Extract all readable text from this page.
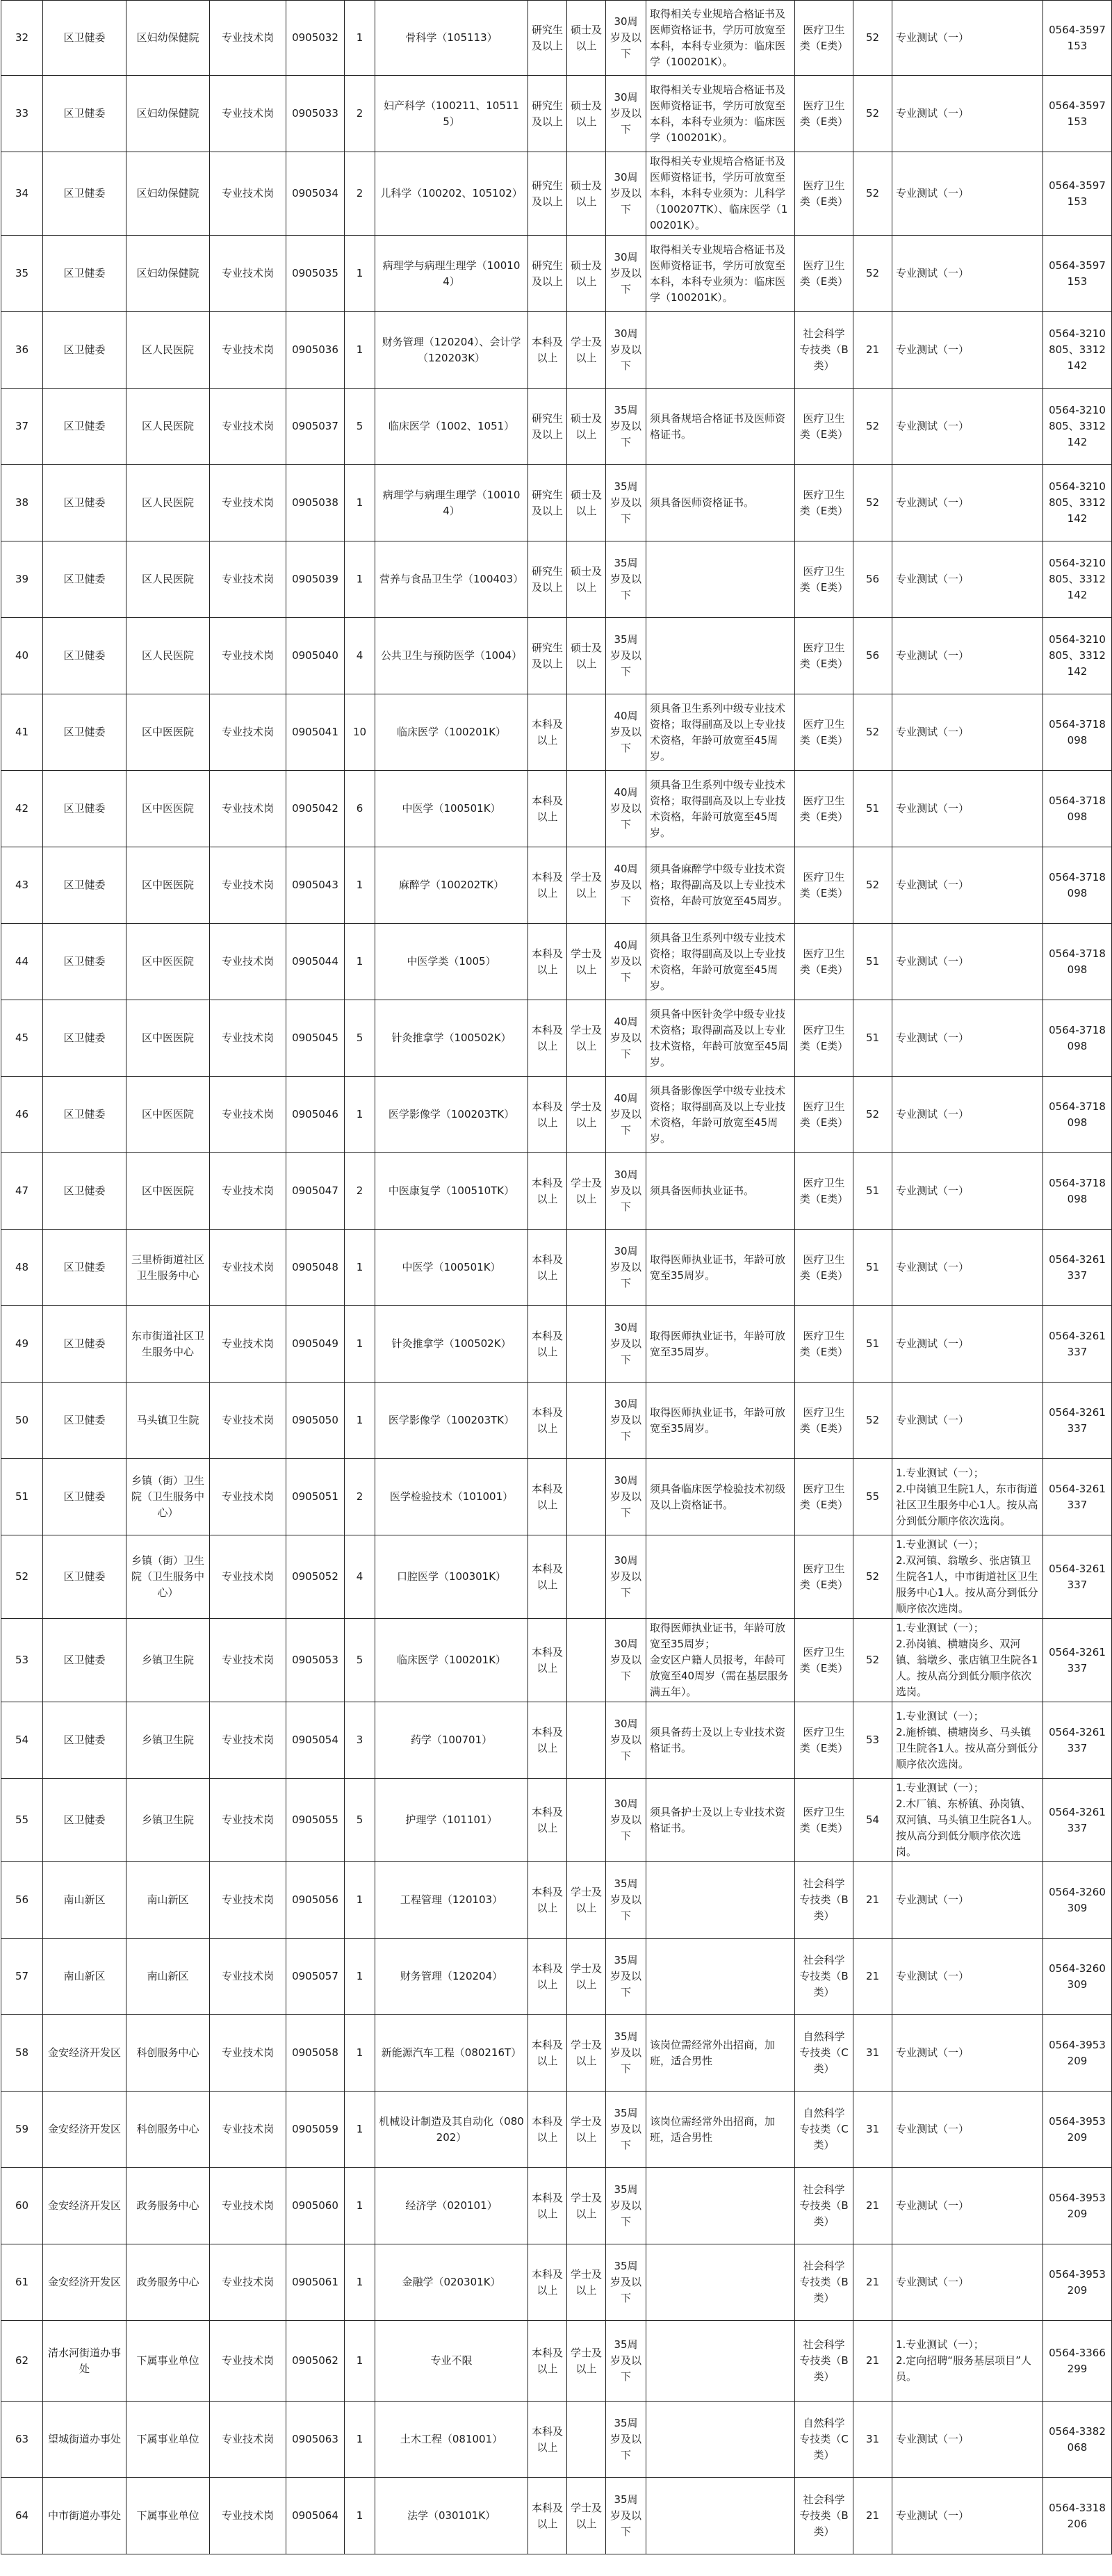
32	区卫健委	区妇幼保健院	专业技术岗	0905032	1	骨科学（105113）	研究生及以上	硕士及以上	30周岁及以下	取得相关专业规培合格证书及医师资格证书，学历可放宽至本科，本科专业须为：临床医学（100201K）。	医疗卫生类（E类）	52	专业测试（一）	0564-3597153
33	区卫健委	区妇幼保健院	专业技术岗	0905033	2	妇产科学（100211、105115）	研究生及以上	硕士及以上	30周岁及以下	取得相关专业规培合格证书及医师资格证书，学历可放宽至本科，本科专业须为：临床医学（100201K）。	医疗卫生类（E类）	52	专业测试（一）	0564-3597153
34	区卫健委	区妇幼保健院	专业技术岗	0905034	2	儿科学（100202、105102）	研究生及以上	硕士及以上	30周岁及以下	取得相关专业规培合格证书及医师资格证书，学历可放宽至本科，本科专业须为：儿科学（100207TK）、临床医学（100201K）。	医疗卫生类（E类）	52	专业测试（一）	0564-3597153
35	区卫健委	区妇幼保健院	专业技术岗	0905035	1	病理学与病理生理学（100104）	研究生及以上	硕士及以上	30周岁及以下	取得相关专业规培合格证书及医师资格证书，学历可放宽至本科，本科专业须为：临床医学（100201K）。	医疗卫生类（E类）	52	专业测试（一）	0564-3597153
36	区卫健委	区人民医院	专业技术岗	0905036	1	财务管理（120204）、会计学（120203K）	本科及以上	学士及以上	30周岁及以下		社会科学专技类（B类）	21	专业测试（一）	0564-3210805、3312142
37	区卫健委	区人民医院	专业技术岗	0905037	5	临床医学（1002、1051）	研究生及以上	硕士及以上	35周岁及以下	须具备规培合格证书及医师资格证书。	医疗卫生类（E类）	52	专业测试（一）	0564-3210805、3312142
38	区卫健委	区人民医院	专业技术岗	0905038	1	病理学与病理生理学（100104）	研究生及以上	硕士及以上	35周岁及以下	须具备医师资格证书。	医疗卫生类（E类）	52	专业测试（一）	0564-3210805、3312142
39	区卫健委	区人民医院	专业技术岗	0905039	1	营养与食品卫生学（100403）	研究生及以上	硕士及以上	35周岁及以下		医疗卫生类（E类）	56	专业测试（一）	0564-3210805、3312142
40	区卫健委	区人民医院	专业技术岗	0905040	4	公共卫生与预防医学（1004）	研究生及以上	硕士及以上	35周岁及以下		医疗卫生类（E类）	56	专业测试（一）	0564-3210805、3312142
41	区卫健委	区中医医院	专业技术岗	0905041	10	临床医学（100201K）	本科及以上		40周岁及以下	须具备卫生系列中级专业技术资格；取得副高及以上专业技术资格，年龄可放宽至45周岁。	医疗卫生类（E类）	52	专业测试（一）	0564-3718098
42	区卫健委	区中医医院	专业技术岗	0905042	6	中医学（100501K）	本科及以上		40周岁及以下	须具备卫生系列中级专业技术资格；取得副高及以上专业技术资格，年龄可放宽至45周岁。	医疗卫生类（E类）	51	专业测试（一）	0564-3718098
43	区卫健委	区中医医院	专业技术岗	0905043	1	麻醉学（100202TK）	本科及以上	学士及以上	40周岁及以下	须具备麻醉学中级专业技术资格；取得副高及以上专业技术资格，年龄可放宽至45周岁。	医疗卫生类（E类）	52	专业测试（一）	0564-3718098
44	区卫健委	区中医医院	专业技术岗	0905044	1	中医学类（1005）	本科及以上	学士及以上	40周岁及以下	须具备卫生系列中级专业技术资格；取得副高及以上专业技术资格，年龄可放宽至45周岁。	医疗卫生类（E类）	51	专业测试（一）	0564-3718098
45	区卫健委	区中医医院	专业技术岗	0905045	5	针灸推拿学（100502K）	本科及以上	学士及以上	40周岁及以下	须具备中医针灸学中级专业技术资格；取得副高及以上专业技术资格，年龄可放宽至45周岁。	医疗卫生类（E类）	51	专业测试（一）	0564-3718098
46	区卫健委	区中医医院	专业技术岗	0905046	1	医学影像学（100203TK）	本科及以上	学士及以上	40周岁及以下	须具备影像医学中级专业技术资格；取得副高及以上专业技术资格，年龄可放宽至45周岁。	医疗卫生类（E类）	52	专业测试（一）	0564-3718098
47	区卫健委	区中医医院	专业技术岗	0905047	2	中医康复学（100510TK）	本科及以上	学士及以上	30周岁及以下	须具备医师执业证书。	医疗卫生类（E类）	51	专业测试（一）	0564-3718098
48	区卫健委	三里桥街道社区卫生服务中心	专业技术岗	0905048	1	中医学（100501K）	本科及以上		30周岁及以下	取得医师执业证书，年龄可放宽至35周岁。	医疗卫生类（E类）	51	专业测试（一）	0564-3261337
49	区卫健委	东市街道社区卫生服务中心	专业技术岗	0905049	1	针灸推拿学（100502K）	本科及以上		30周岁及以下	取得医师执业证书，年龄可放宽至35周岁。	医疗卫生类（E类）	51	专业测试（一）	0564-3261337
50	区卫健委	马头镇卫生院	专业技术岗	0905050	1	医学影像学（100203TK）	本科及以上		30周岁及以下	取得医师执业证书，年龄可放宽至35周岁。	医疗卫生类（E类）	52	专业测试（一）	0564-3261337
51	区卫健委	乡镇（街）卫生院（卫生服务中心）	专业技术岗	0905051	2	医学检验技术（101001）	本科及以上		30周岁及以下	须具备临床医学检验技术初级及以上资格证书。	医疗卫生类（E类）	55	1.专业测试（一）；
2.中岗镇卫生院1人，东市街道社区卫生服务中心1人。按从高分到低分顺序依次选岗。	0564-3261337
52	区卫健委	乡镇（街）卫生院（卫生服务中心）	专业技术岗	0905052	4	口腔医学（100301K）	本科及以上		30周岁及以下		医疗卫生类（E类）	52	1.专业测试（一）；
2.双河镇、翁墩乡、张店镇卫生院各1人，中市街道社区卫生服务中心1人。按从高分到低分顺序依次选岗。	0564-3261337
53	区卫健委	乡镇卫生院	专业技术岗	0905053	5	临床医学（100201K）	本科及以上		30周岁及以下	取得医师执业证书，年龄可放宽至35周岁；
金安区户籍人员报考，年龄可放宽至40周岁（需在基层服务满五年）。	医疗卫生类（E类）	52	1.专业测试（一）；
2.孙岗镇、横塘岗乡、双河镇、翁墩乡、张店镇卫生院各1人。按从高分到低分顺序依次选岗。	0564-3261337
54	区卫健委	乡镇卫生院	专业技术岗	0905054	3	药学（100701）	本科及以上		30周岁及以下	须具备药士及以上专业技术资格证书。	医疗卫生类（E类）	53	1.专业测试（一）；
2.施桥镇、横塘岗乡、马头镇卫生院各1人。按从高分到低分顺序依次选岗。	0564-3261337
55	区卫健委	乡镇卫生院	专业技术岗	0905055	5	护理学（101101）	本科及以上		30周岁及以下	须具备护士及以上专业技术资格证书。	医疗卫生类（E类）	54	1.专业测试（一）；
2.木厂镇、东桥镇、孙岗镇、双河镇、马头镇卫生院各1人。按从高分到低分顺序依次选岗。	0564-3261337
56	南山新区	南山新区	专业技术岗	0905056	1	工程管理（120103）	本科及以上	学士及以上	35周岁及以下		社会科学专技类（B类）	21	专业测试（一）	0564-3260309
57	南山新区	南山新区	专业技术岗	0905057	1	财务管理（120204）	本科及以上	学士及以上	35周岁及以下		社会科学专技类（B类）	21	专业测试（一）	0564-3260309
58	金安经济开发区	科创服务中心	专业技术岗	0905058	1	新能源汽车工程（080216T）	本科及以上	学士及以上	35周岁及以下	该岗位需经常外出招商，加班，适合男性	自然科学专技类（C类）	31	专业测试（一）	0564-3953209
59	金安经济开发区	科创服务中心	专业技术岗	0905059	1	机械设计制造及其自动化（080202）	本科及以上	学士及以上	35周岁及以下	该岗位需经常外出招商，加班，适合男性	自然科学专技类（C类）	31	专业测试（一）	0564-3953209
60	金安经济开发区	政务服务中心	专业技术岗	0905060	1	经济学（020101）	本科及以上	学士及以上	35周岁及以下		社会科学专技类（B类）	21	专业测试（一）	0564-3953209
61	金安经济开发区	政务服务中心	专业技术岗	0905061	1	金融学（020301K）	本科及以上	学士及以上	35周岁及以下		社会科学专技类（B类）	21	专业测试（一）	0564-3953209
62	清水河街道办事处	下属事业单位	专业技术岗	0905062	1	专业不限	本科及以上	学士及以上	35周岁及以下		社会科学专技类（B类）	21	1.专业测试（一）；
2.定向招聘“服务基层项目”人员。	0564-3366299
63	望城街道办事处	下属事业单位	专业技术岗	0905063	1	土木工程（081001）	本科及以上		35周岁及以下		自然科学专技类（C类）	31	专业测试（一）	0564-3382068
64	中市街道办事处	下属事业单位	专业技术岗	0905064	1	法学（030101K）	本科及以上	学士及以上	35周岁及以下		社会科学专技类（B类）	21	专业测试（一）	0564-3318206
